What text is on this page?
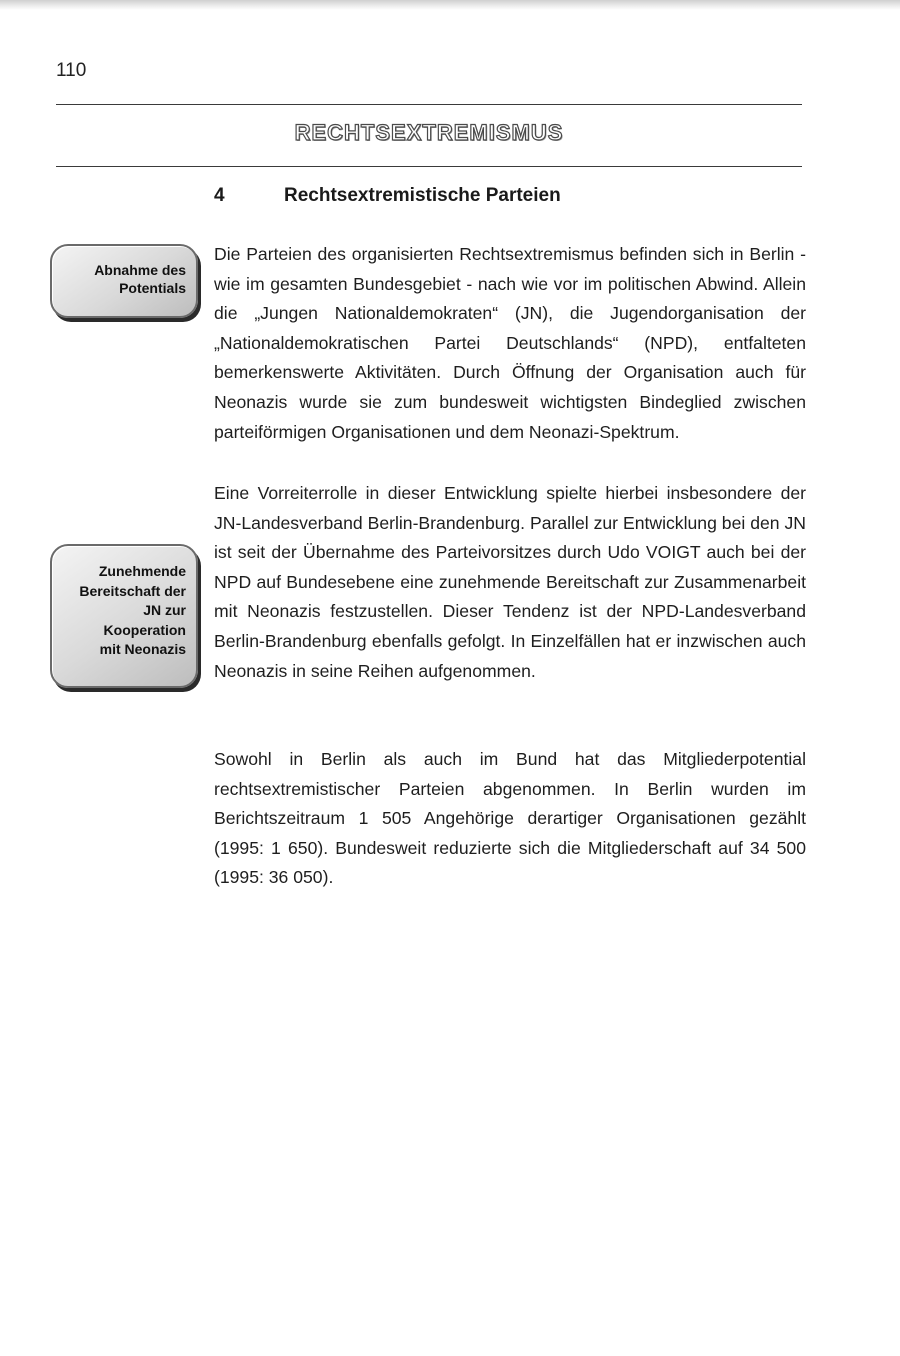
110
RECHTSEXTREMISMUS
4	Rechtsextremistische Parteien
Abnahme des
Potentials
Zunehmende
Bereitschaft der
JN zur
Kooperation
mit Neonazis

Die Parteien des organisierten Rechtsextremismus befinden sich in Berlin - wie im gesamten Bundesgebiet - nach wie vor im politischen Abwind. Allein die „Jungen Nationaldemokraten“ (JN), die Jugendorganisation der „Nationaldemokratischen Partei Deutschlands“ (NPD), entfalteten bemerkenswerte Aktivitäten. Durch Öffnung der Organisation auch für Neonazis wurde sie zum bundesweit wichtigsten Bindeglied zwischen parteiförmigen Organisationen und dem Neonazi-Spektrum.

Eine Vorreiterrolle in dieser Entwicklung spielte hierbei insbesondere der JN-Landesverband Berlin-Brandenburg. Parallel zur Entwicklung bei den JN ist seit der Übernahme des Parteivorsitzes durch Udo VOIGT auch bei der NPD auf Bundesebene eine zunehmende Bereitschaft zur Zusammenarbeit mit Neonazis festzustellen. Dieser Tendenz ist der NPD-Landesverband Berlin-Brandenburg ebenfalls gefolgt. In Einzelfällen hat er inzwischen auch Neonazis in seine Reihen aufgenommen.

Sowohl in Berlin als auch im Bund hat das Mitgliederpotential rechtsextremistischer Parteien abgenommen. In Berlin wurden im Berichtszeitraum 1 505 Angehörige derartiger Organisationen gezählt (1995: 1 650). Bundesweit reduzierte sich die Mitgliederschaft auf 34 500 (1995: 36 050).
